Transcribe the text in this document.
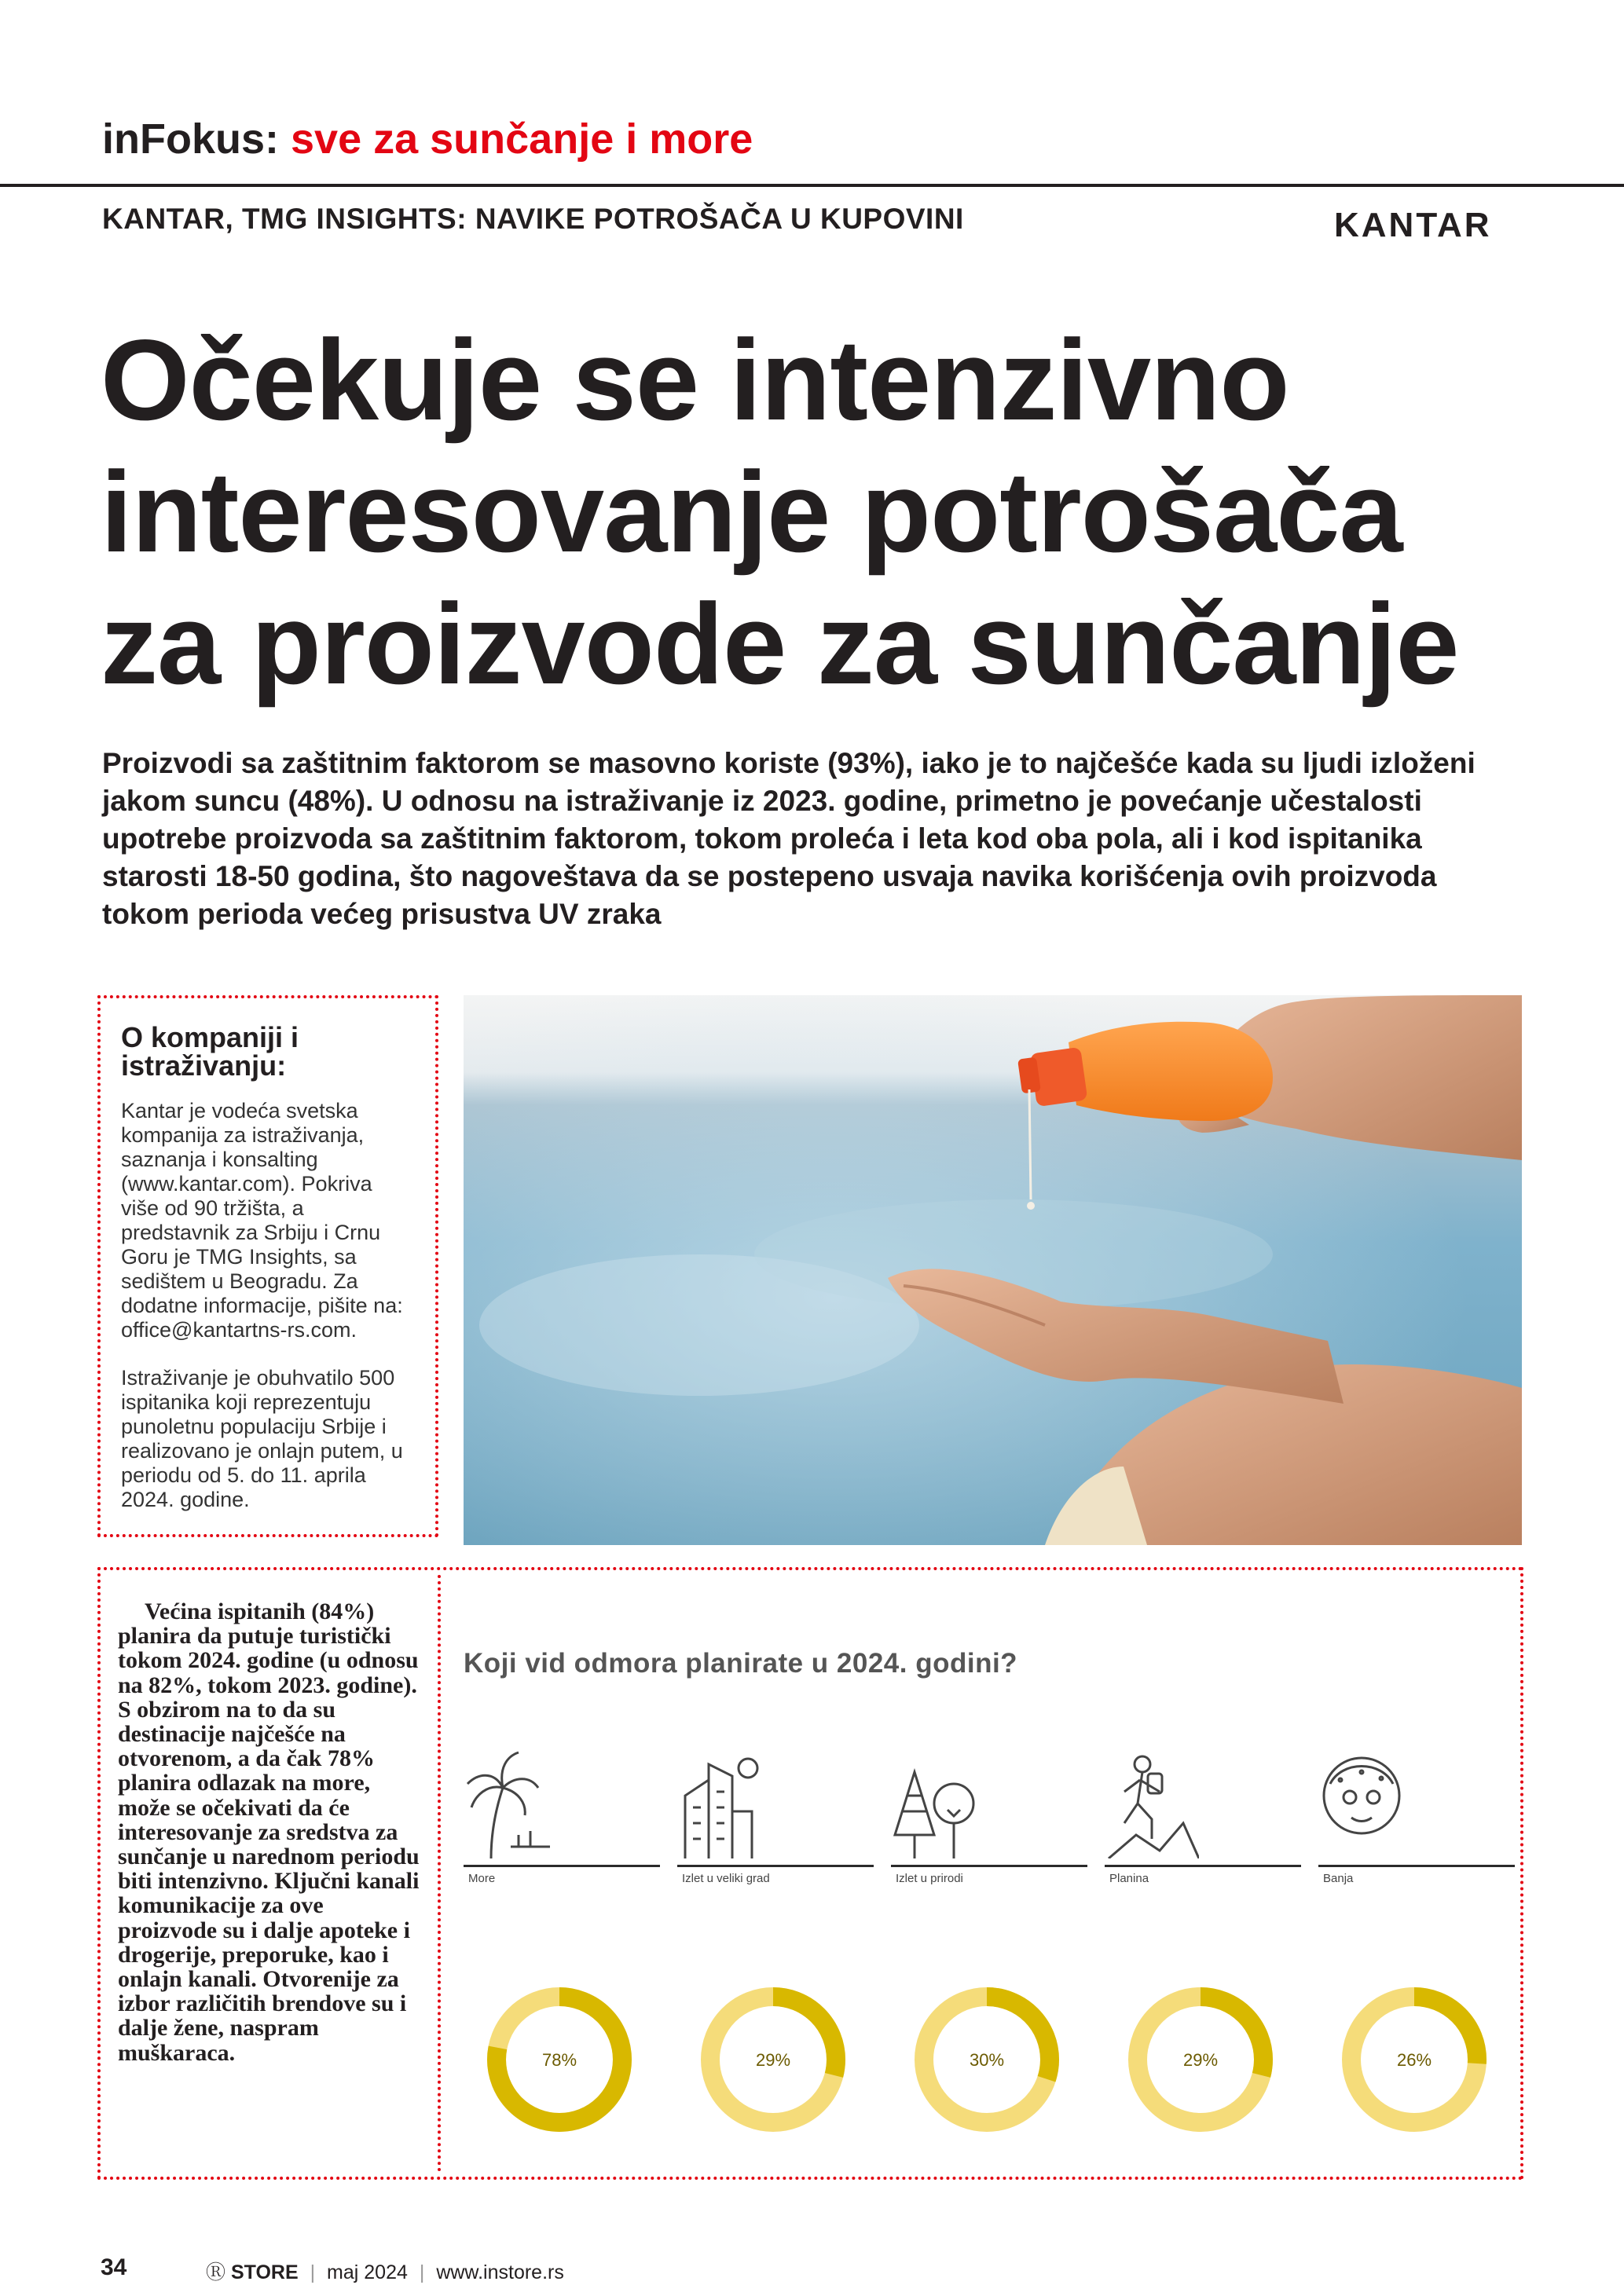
inFokus: sve za sunčanje i more
KANTAR, TMG INSIGHTS: NAVIKE POTROŠAČA U KUPOVINI	KANTAR
Očekuje se intenzivno
interesovanje potrošača
za proizvode za sunčanje
Proizvodi sa zaštitnim faktorom se masovno koriste (93%), iako je to najčešće kada su ljudi izloženi jakom suncu (48%). U odnosu na istraživanje iz 2023. godine, primetno je povećanje učestalosti upotrebe proizvoda sa zaštitnim faktorom, tokom proleća i leta kod oba pola, ali i kod ispitanika starosti 18-50 godina, što nagoveštava da se postepeno usvaja navika korišćenja ovih proizvoda tokom perioda većeg prisustva UV zraka
O kompaniji i istraživanju:

Kantar je vodeća svetska kompanija za istraživanja, saznanja i konsalting (www.kantar.com). Pokriva više od 90 tržišta, a predstavnik za Srbiju i Crnu Goru je TMG Insights, sa sedištem u Beogradu. Za dodatne informacije, pišite na: office@kantartns-rs.com.

Istraživanje je obuhvatilo 500 ispitanika koji reprezentuju punoletnu populaciju Srbije i realizovano je onlajn putem, u periodu od 5. do 11. aprila 2024. godine.

Većina ispitanih (84%) planira da putuje turistički tokom 2024. godine (u odnosu na 82%, tokom 2023. godine). S obzirom na to da su destinacije najčešće na otvorenom, a da čak 78% planira odlazak na more, može se očekivati da će interesovanje za sredstva za sunčanje u narednom periodu biti intenzivno. Ključni kanali komunikacije za ove proizvode su i dalje apoteke i drogerije, preporuke, kao i onlajn kanali. Otvorenije za izbor različitih brendove su i dalje žene, naspram muškaraca.
Koji vid odmora planirate u 2024. godini?
More
78%
Izlet u veliki grad
29%
Izlet u prirodi
30%
Planina
29%
Banja
26%
34	Ⓡ STORE | maj 2024 | www.instore.rs
